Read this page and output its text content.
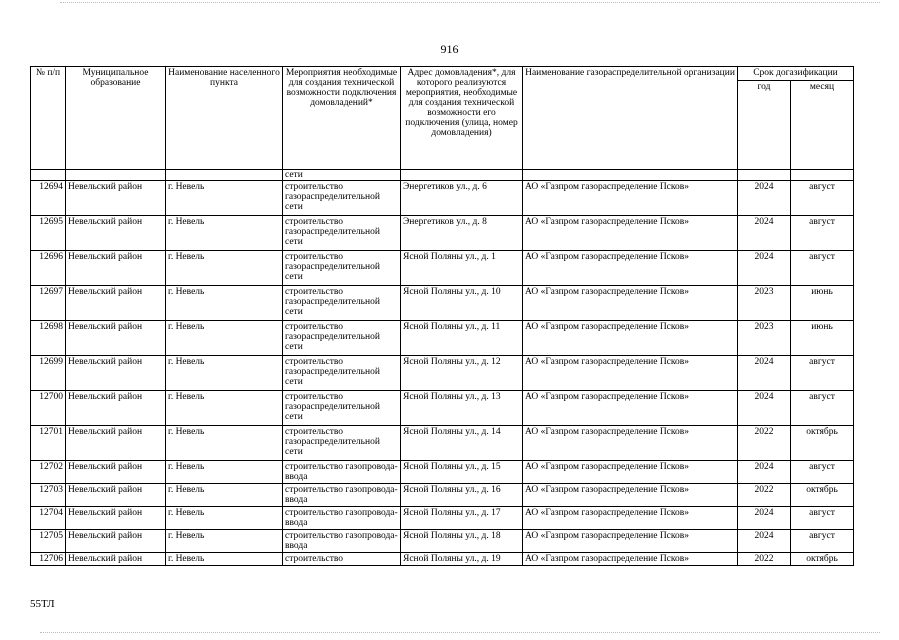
916
№ п/п	Муниципальное образование	Наименование населенного пункта	Мероприятия необходимые для создания технической возможности подключения домовладений*	Адрес домовладения*, для которого реализуются мероприятия, необходимые для создания технической возможности его подключения (улица, номер домовладения)	Наименование газораспределительной организации	Срок догазификации	
						год	месяц
			сети				
12694	Невельский район	г. Невель	строительство газораспределительной сети	Энергетиков ул., д. 6	АО «Газпром газораспределение Псков»	2024	август
12695	Невельский район	г. Невель	строительство газораспределительной сети	Энергетиков ул., д. 8	АО «Газпром газораспределение Псков»	2024	август
12696	Невельский район	г. Невель	строительство газораспределительной сети	Ясной Поляны ул., д. 1	АО «Газпром газораспределение Псков»	2024	август
12697	Невельский район	г. Невель	строительство газораспределительной сети	Ясной Поляны ул., д. 10	АО «Газпром газораспределение Псков»	2023	июнь
12698	Невельский район	г. Невель	строительство газораспределительной сети	Ясной Поляны ул., д. 11	АО «Газпром газораспределение Псков»	2023	июнь
12699	Невельский район	г. Невель	строительство газораспределительной сети	Ясной Поляны ул., д. 12	АО «Газпром газораспределение Псков»	2024	август
12700	Невельский район	г. Невель	строительство газораспределительной сети	Ясной Поляны ул., д. 13	АО «Газпром газораспределение Псков»	2024	август
12701	Невельский район	г. Невель	строительство газораспределительной сети	Ясной Поляны ул., д. 14	АО «Газпром газораспределение Псков»	2022	октябрь
12702	Невельский район	г. Невель	строительство газопровода-ввода	Ясной Поляны ул., д. 15	АО «Газпром газораспределение Псков»	2024	август
12703	Невельский район	г. Невель	строительство газопровода-ввода	Ясной Поляны ул., д. 16	АО «Газпром газораспределение Псков»	2022	октябрь
12704	Невельский район	г. Невель	строительство газопровода-ввода	Ясной Поляны ул., д. 17	АО «Газпром газораспределение Псков»	2024	август
12705	Невельский район	г. Невель	строительство газопровода-ввода	Ясной Поляны ул., д. 18	АО «Газпром газораспределение Псков»	2024	август
12706	Невельский район	г. Невель	строительство	Ясной Поляны ул., д. 19	АО «Газпром газораспределение Псков»	2022	октябрь
55ТЛ
